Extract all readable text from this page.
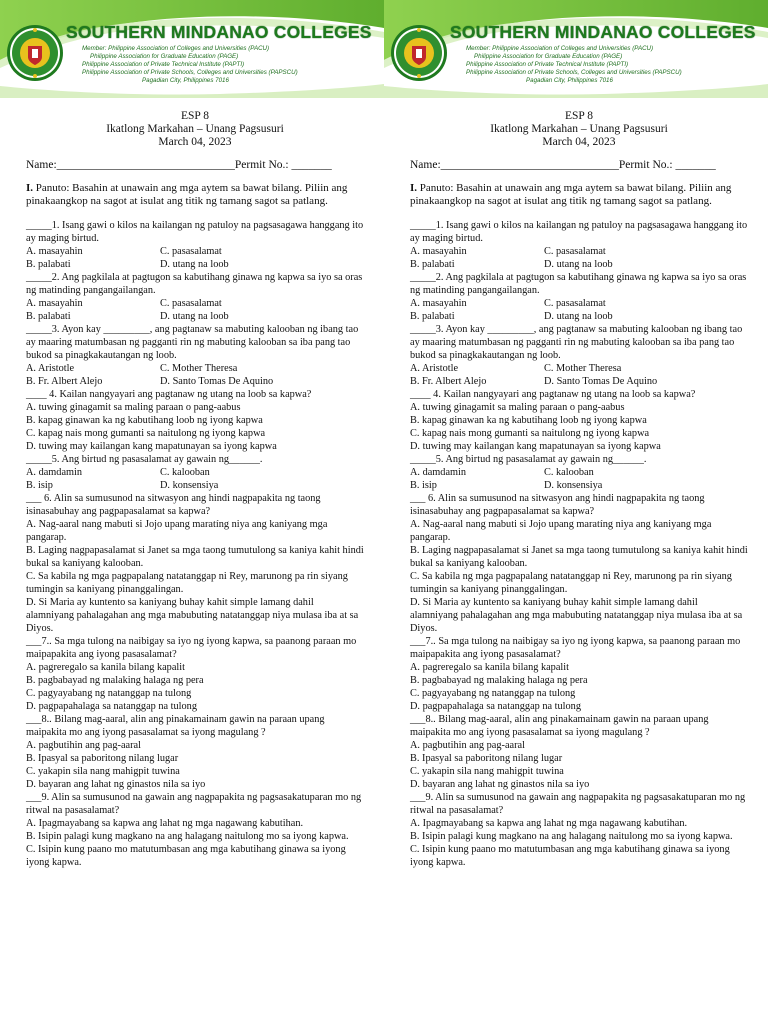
SOUTHERN MINDANAO COLLEGES
Member: Philippine Association of Colleges and Universities (PACU)
Philippine Association for Graduate Education (PAGE)
Philippine Association of Private Technical Institute (PAPTI)
Philippine Association of Private Schools, Colleges and Universities (PAPSCU)
Pagadian City, Philippines 7016
ESP 8
Ikatlong Markahan – Unang Pagsusuri
March 04, 2023
Name:_______________________________Permit No.: _______
I. Panuto: Basahin at unawain ang mga aytem sa bawat bilang. Piliin ang pinakaangkop na sagot at isulat ang titik ng tamang sagot sa patlang.
_____1. Isang gawi o kilos na kailangan ng patuloy na pagsasagawa hanggang ito ay maging birtud.
A. masayahin	C. pasasalamat
B. palabati	D. utang na loob
_____2. Ang pagkilala at pagtugon sa kabutihang ginawa ng kapwa sa iyo sa oras ng matinding pangangailangan.
A. masayahin	C. pasasalamat
B. palabati	D. utang na loob
_____3. Ayon kay _________, ang pagtanaw sa mabuting kalooban ng ibang tao ay maaring matumbasan ng pagganti rin ng mabuting kalooban sa iba pang tao bukod sa pinagkakautangan ng loob.
A. Aristotle	C. Mother Theresa
B. Fr. Albert Alejo	D. Santo Tomas De Aquino
____ 4. Kailan nangyayari ang pagtanaw ng utang na loob sa kapwa?
A. tuwing ginagamit sa maling paraan o pang-aabus
B. kapag ginawan ka ng kabutihang loob ng iyong kapwa
C. kapag nais mong gumanti sa naitulong ng iyong kapwa
D. tuwing may kailangan kang mapatunayan sa iyong kapwa
_____5. Ang birtud ng pasasalamat ay gawain ng______.
A. damdamin	C. kalooban
B. isip	D. konsensiya
___ 6. Alin sa sumusunod na sitwasyon ang hindi nagpapakita ng taong isinasabuhay ang pagpapasalamat sa kapwa?
A. Nag-aaral nang mabuti si Jojo upang maratíng niya ang kaniyang mga pangarap.
B. Laging nagpapasalamat si Janet sa mga taong tumutulong sa kaniya kahit hindi bukal sa kaniyang kalooban.
C. Sa kabila ng mga pagpapalang natatanggap ni Rey, marunong pa rin siyang tumingin sa kaniyang pinanggalingan.
D. Si Maria ay kuntento sa kaniyang buhay kahit simple lamang dahil alamniyang pahalagahan ang mga mabubuting natatanggap niya mulasa iba at sa Diyos.
___7.. Sa mga tulong na naibigay sa iyo ng iyong kapwa, sa paanong paraan mo maipapakita ang iyong pasasalamat?
A. pagreregalo sa kanila bilang kapalit
B. pagbabayad ng malaking halaga ng pera
C. pagyayabang ng natanggap na tulong
D. pagpapahalaga sa natanggap na tulong
___8.. Bilang mag-aaral, alin ang pinakamainam gawin na paraan upang maipakita mo ang iyong pasasalamat sa iyong magulang ?
A. pagbutihin ang pag-aaral
B. Ipasyal sa paboritong nilang lugar
C. yakapin sila nang mahigpit tuwina
D. bayaran ang lahat ng ginastos nila sa iyo
___9. Alin sa sumusunod na gawain ang nagpapakita ng pagsasakatuparan mo ng ritwal na pasasalamat?
A. Ipagmayabang sa kapwa ang lahat ng mga nagawang kabutihan.
B. Isipin palagi kung magkano na ang halagang naitulong mo sa iyong kapwa.
C. Isipin kung paano mo matutumbasan ang mga kabutihang ginawa sa iyong iyong kapwa.
SOUTHERN MINDANAO COLLEGES
Member: Philippine Association of Colleges and Universities (PACU)
Philippine Association for Graduate Education (PAGE)
Philippine Association of Private Technical Institute (PAPTI)
Philippine Association of Private Schools, Colleges and Universities (PAPSCU)
Pagadian City, Philippines 7016
ESP 8
Ikatlong Markahan – Unang Pagsusuri
March 04, 2023
Name:_______________________________Permit No.: _______
I. Panuto: Basahin at unawain ang mga aytem sa bawat bilang. Piliin ang pinakaangkop na sagot at isulat ang titik ng tamang sagot sa patlang.
_____1. Isang gawi o kilos na kailangan ng patuloy na pagsasagawa hanggang ito ay maging birtud.
A. masayahin	C. pasasalamat
B. palabati	D. utang na loob
_____2. Ang pagkilala at pagtugon sa kabutihang ginawa ng kapwa sa iyo sa oras ng matinding pangangailangan.
A. masayahin	C. pasasalamat
B. palabati	D. utang na loob
_____3. Ayon kay _________, ang pagtanaw sa mabuting kalooban ng ibang tao ay maaring matumbasan ng pagganti rin ng mabuting kalooban sa iba pang tao bukod sa pinagkakautangan ng loob.
A. Aristotle	C. Mother Theresa
B. Fr. Albert Alejo	D. Santo Tomas De Aquino
____ 4. Kailan nangyayari ang pagtanaw ng utang na loob sa kapwa?
A. tuwing ginagamit sa maling paraan o pang-aabus
B. kapag ginawan ka ng kabutihang loob ng iyong kapwa
C. kapag nais mong gumanti sa naitulong ng iyong kapwa
D. tuwing may kailangan kang mapatunayan sa iyong kapwa
_____5. Ang birtud ng pasasalamat ay gawain ng______.
A. damdamin	C. kalooban
B. isip	D. konsensiya
___ 6. Alin sa sumusunod na sitwasyon ang hindi nagpapakita ng taong isinasabuhay ang pagpapasalamat sa kapwa?
A. Nag-aaral nang mabuti si Jojo upang maratíng niya ang kaniyang mga pangarap.
B. Laging nagpapasalamat si Janet sa mga taong tumutulong sa kaniya kahit hindi bukal sa kaniyang kalooban.
C. Sa kabila ng mga pagpapalang natatanggap ni Rey, marunong pa rin siyang tumingin sa kaniyang pinanggalingan.
D. Si Maria ay kuntento sa kaniyang buhay kahit simple lamang dahil alamniyang pahalagahan ang mga mabubuting natatanggap niya mulasa iba at sa Diyos.
___7.. Sa mga tulong na naibigay sa iyo ng iyong kapwa, sa paanong paraan mo maipapakita ang iyong pasasalamat?
A. pagreregalo sa kanila bilang kapalit
B. pagbabayad ng malaking halaga ng pera
C. pagyayabang ng natanggap na tulong
D. pagpapahalaga sa natanggap na tulong
___8.. Bilang mag-aaral, alin ang pinakamainam gawin na paraan upang maipakita mo ang iyong pasasalamat sa iyong magulang ?
A. pagbutihin ang pag-aaral
B. Ipasyal sa paboritong nilang lugar
C. yakapin sila nang mahigpit tuwina
D. bayaran ang lahat ng ginastos nila sa iyo
___9. Alin sa sumusunod na gawain ang nagpapakita ng pagsasakatuparan mo ng ritwal na pasasalamat?
A. Ipagmayabang sa kapwa ang lahat ng mga nagawang kabutihan.
B. Isipin palagi kung magkano na ang halagang naitulong mo sa iyong kapwa.
C. Isipin kung paano mo matutumbasan ang mga kabutihang ginawa sa iyong iyong kapwa.
